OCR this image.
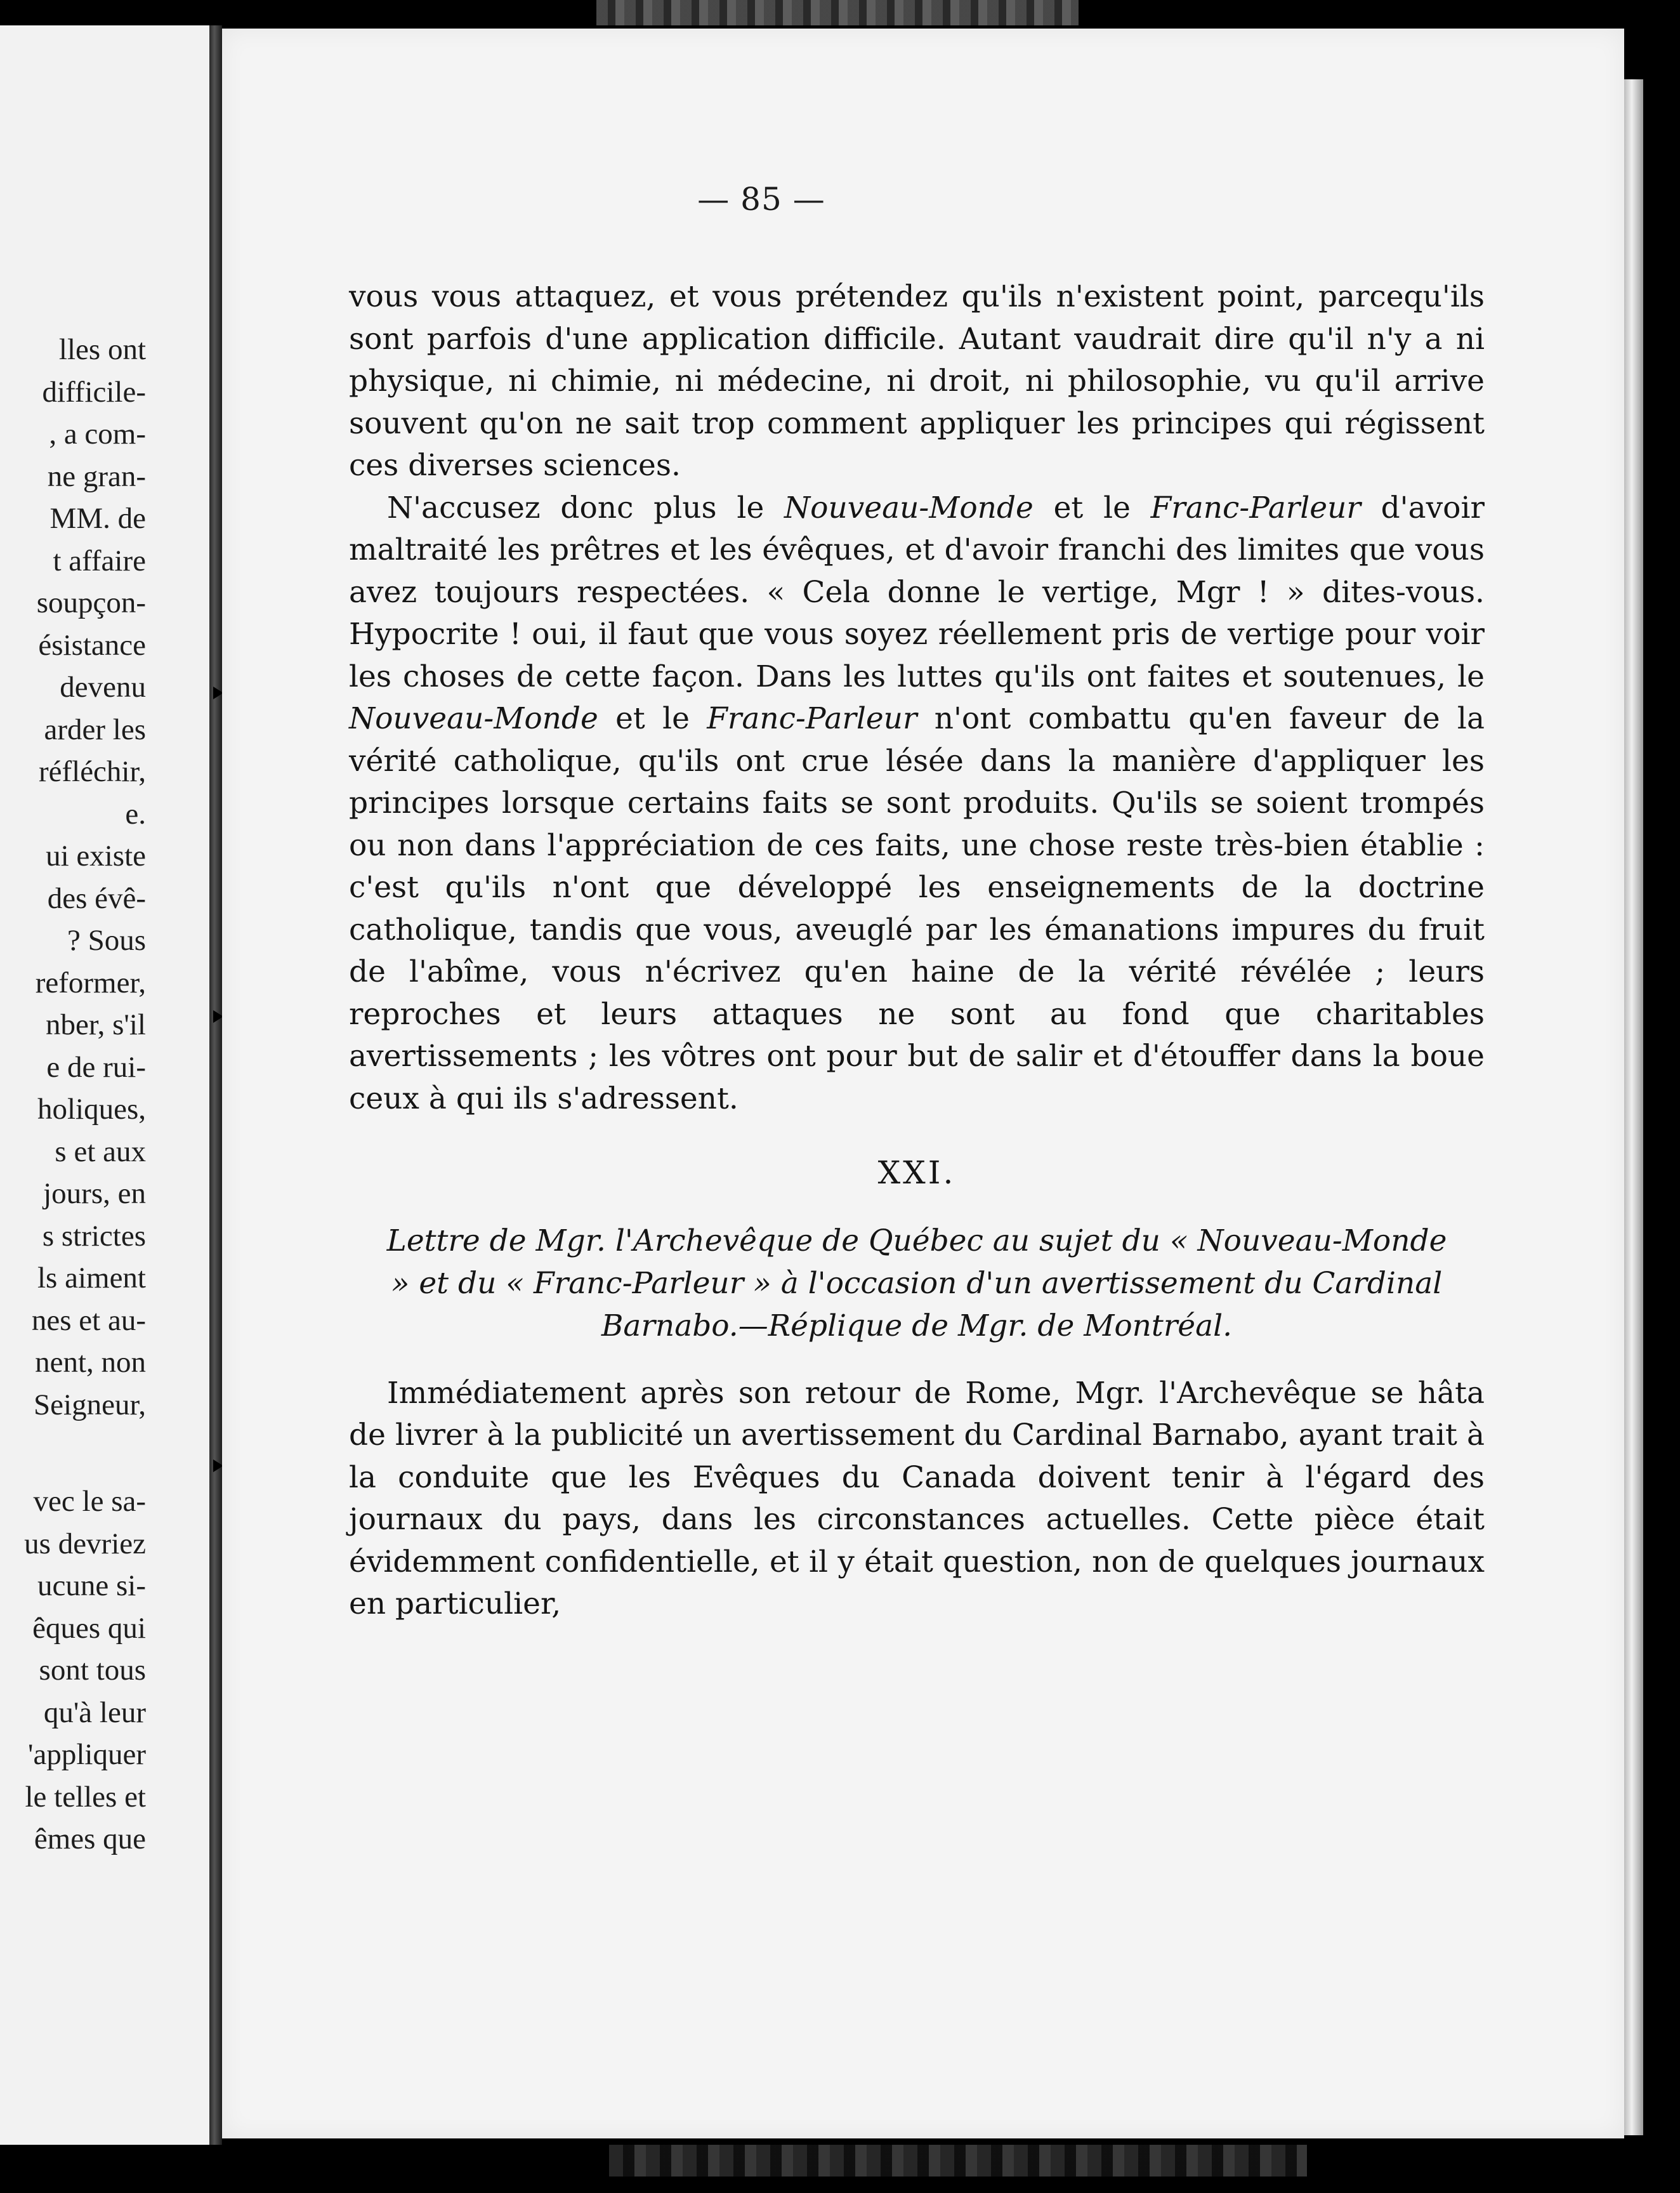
lles ont
difficile-
, a com-
ne gran-
MM. de
t affaire
soupçon-
ésistance
devenu
arder les
réfléchir,
e.
ui existe
des évê-
? Sous
reformer,
nber, s'il
e de rui-
holiques,
s et aux
jours, en
s strictes
ls aiment
nes et au-
nent, non
Seigneur,
vec le sa-
us devriez
ucune si-
êques qui
sont tous
qu'à leur
'appliquer
le telles et
êmes que
— 85 —

vous vous attaquez, et vous prétendez qu'ils n'existent point, parcequ'ils sont parfois d'une application difficile. Autant vaudrait dire qu'il n'y a ni physique, ni chimie, ni médecine, ni droit, ni philosophie, vu qu'il arrive souvent qu'on ne sait trop comment appliquer les principes qui régissent ces diverses sciences.

N'accusez donc plus le Nouveau-Monde et le Franc-Parleur d'avoir maltraité les prêtres et les évêques, et d'avoir franchi des limites que vous avez toujours respectées. « Cela donne le vertige, Mgr ! » dites-vous. Hypocrite ! oui, il faut que vous soyez réellement pris de vertige pour voir les choses de cette façon. Dans les luttes qu'ils ont faites et soutenues, le Nouveau-Monde et le Franc-Parleur n'ont combattu qu'en faveur de la vérité catholique, qu'ils ont crue lésée dans la manière d'appliquer les principes lorsque certains faits se sont produits. Qu'ils se soient trompés ou non dans l'appréciation de ces faits, une chose reste très-bien établie : c'est qu'ils n'ont que développé les enseignements de la doctrine catholique, tandis que vous, aveuglé par les émanations impures du fruit de l'abîme, vous n'écrivez qu'en haine de la vérité révélée ; leurs reproches et leurs attaques ne sont au fond que charitables avertissements ; les vôtres ont pour but de salir et d'étouffer dans la boue ceux à qui ils s'adressent.

XXI.
Lettre de Mgr. l'Archevêque de Québec au sujet du « Nouveau-Monde » et du « Franc-Parleur » à l'occasion d'un avertissement du Cardinal Barnabo.—Réplique de Mgr. de Montréal.

Immédiatement après son retour de Rome, Mgr. l'Archevêque se hâta de livrer à la publicité un avertissement du Cardinal Barnabo, ayant trait à la conduite que les Evêques du Canada doivent tenir à l'égard des journaux du pays, dans les circonstances actuelles. Cette pièce était évidemment confidentielle, et il y était question, non de quelques journaux en particulier,
